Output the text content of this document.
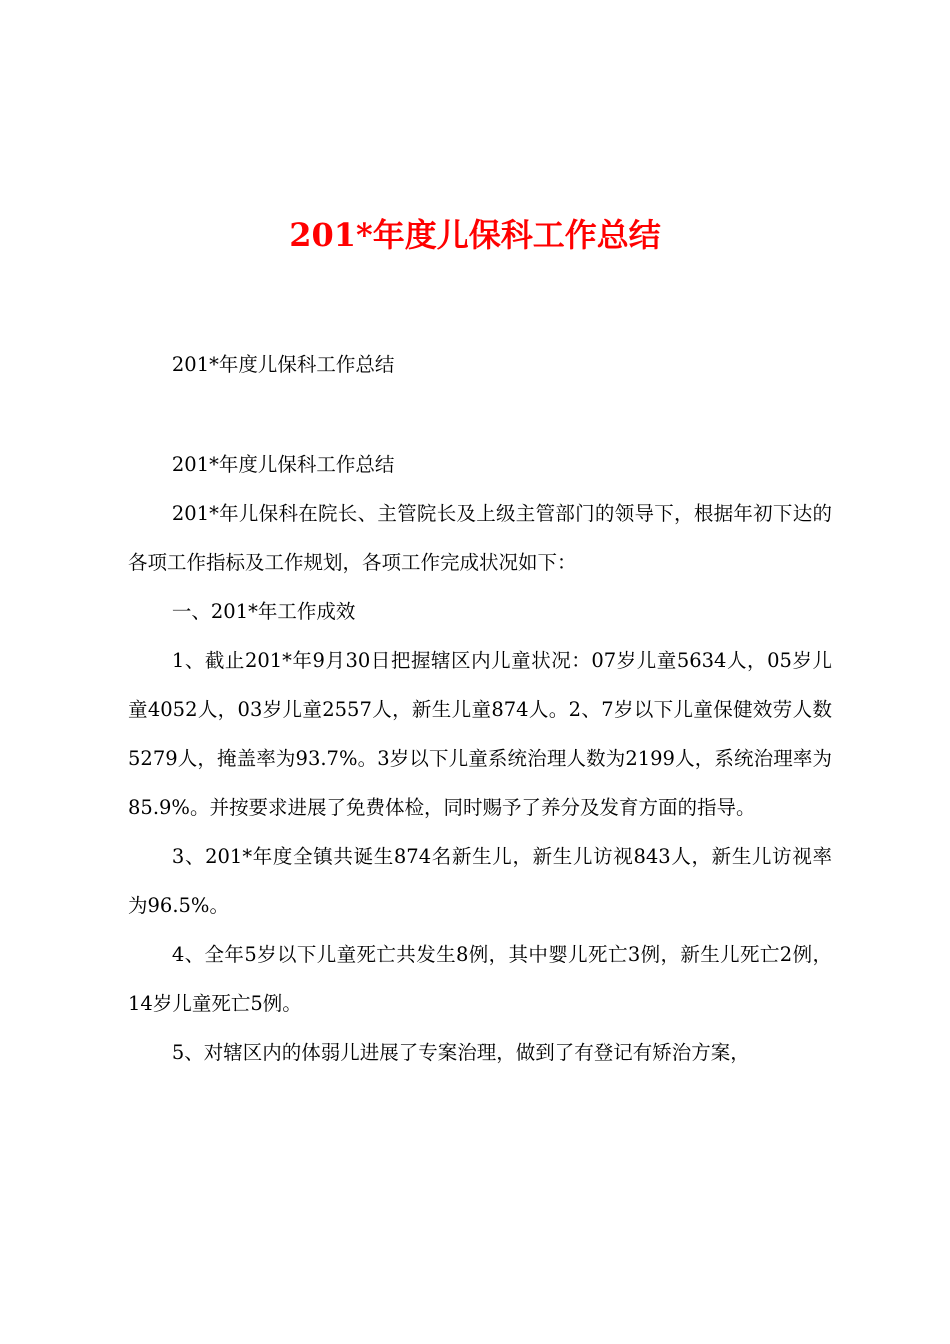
201*年度儿保科工作总结

201*年度儿保科工作总结

201*年度儿保科工作总结

201*年儿保科在院长、主管院长及上级主管部门的领导下，根据年初下达的各项工作指标及工作规划，各项工作完成状况如下：

一、201*年工作成效

1、截止201*年9月30日把握辖区内儿童状况：07岁儿童5634人，05岁儿童4052人，03岁儿童2557人，新生儿童874人。2、7岁以下儿童保健效劳人数5279人，掩盖率为93.7%。3岁以下儿童系统治理人数为2199人，系统治理率为85.9%。并按要求进展了免费体检，同时赐予了养分及发育方面的指导。

3、201*年度全镇共诞生874名新生儿，新生儿访视843人，新生儿访视率为96.5%。

4、全年5岁以下儿童死亡共发生8例，其中婴儿死亡3例，新生儿死亡2例，14岁儿童死亡5例。

5、对辖区内的体弱儿进展了专案治理，做到了有登记有矫治方案，
